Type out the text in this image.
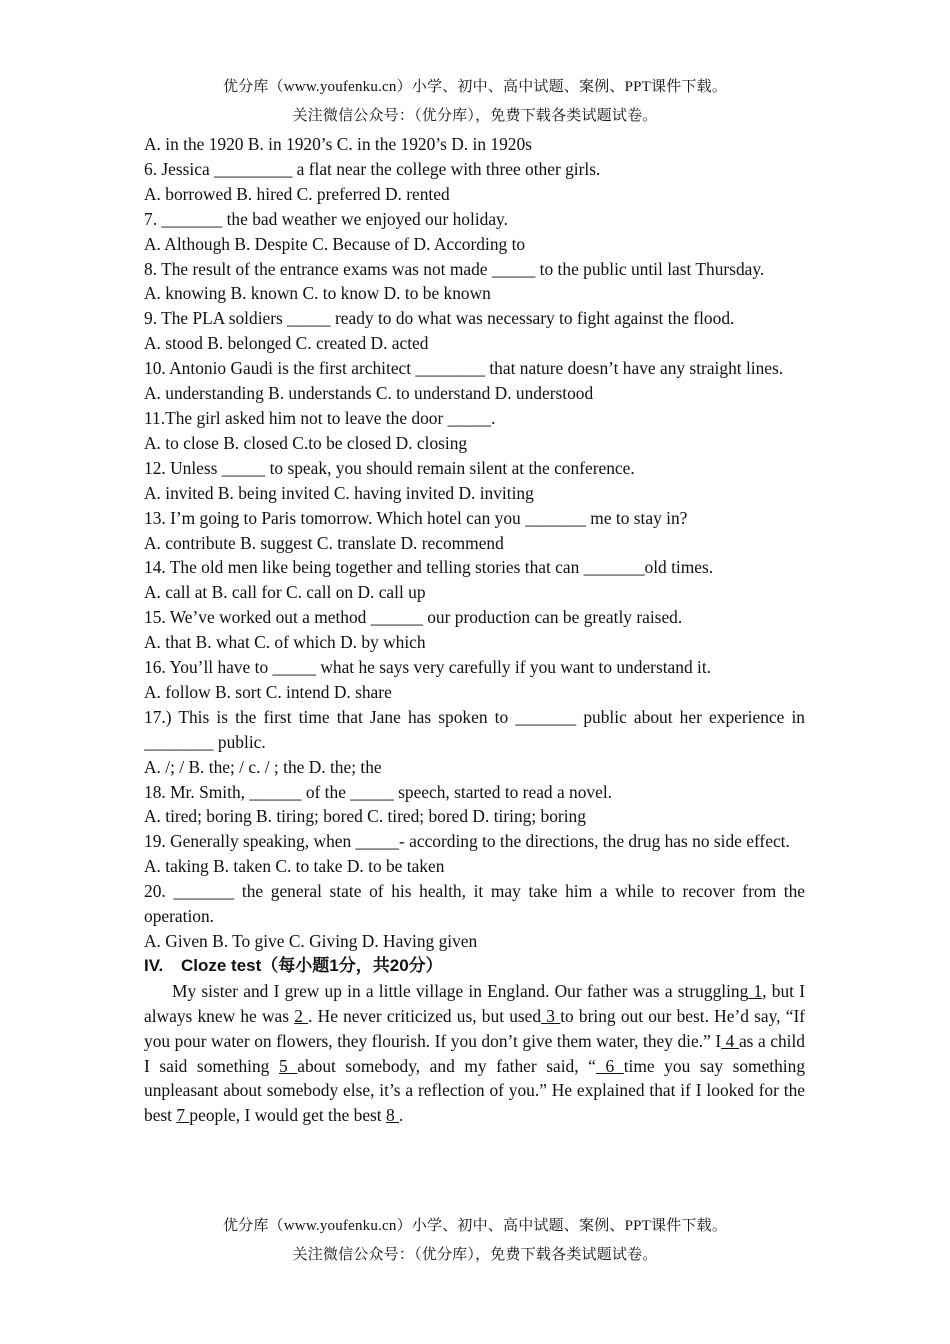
优分库（www.youfenku.cn）小学、初中、高中试题、案例、PPT课件下载。
关注微信公众号：（优分库），免费下载各类试题试卷。
A. in the 1920 B. in 1920’s C. in the 1920’s D. in 1920s
6. Jessica _________ a flat near the college with three other girls.
A. borrowed B. hired C. preferred D. rented
7. _______ the bad weather we enjoyed our holiday.
A. Although B. Despite C. Because of D. According to
8. The result of the entrance exams was not made _____ to the public until last Thursday.
A. knowing B. known C. to know D. to be known
9. The PLA soldiers _____ ready to do what was necessary to fight against the flood.
A. stood B. belonged C. created D. acted
10. Antonio Gaudi is the first architect ________ that nature doesn’t have any straight lines.
A. understanding B. understands C. to understand D. understood
11.The girl asked him not to leave the door _____.
A. to close B. closed C.to be closed D. closing
12. Unless _____ to speak, you should remain silent at the conference.
A. invited B. being invited C. having invited D. inviting
13. I’m going to Paris tomorrow. Which hotel can you _______ me to stay in?
A. contribute B. suggest C. translate D. recommend
14. The old men like being together and telling stories that can _______old times.
A. call at B. call for C. call on D. call up
15. We’ve worked out a method ______ our production can be greatly raised.
A. that B. what C. of which D. by which
16. You’ll have to _____ what he says very carefully if you want to understand it.
A. follow B. sort C. intend D. share
17.) This is the first time that Jane has spoken to _______ public about her experience in ________ public.
A. /; / B. the; / c. / ; the D. the; the
18. Mr. Smith, ______ of the _____ speech, started to read a novel.
A. tired; boring B. tiring; bored C. tired; bored D. tiring; boring
19. Generally speaking, when _____- according to the directions, the drug has no side effect.
A. taking B. taken C. to take D. to be taken
20. _______ the general state of his health, it may take him a while to recover from the operation.
A. Given B. To give C. Giving D. Having given
IV. Cloze test（每小题1分，共20分）
My sister and I grew up in a little village in England. Our father was a struggling 1, but I always knew he was 2 . He never criticized us, but used 3 to bring out our best. He’d say, “If you pour water on flowers, they flourish. If you don’t give them water, they die.” I 4 as a child I said something 5 about somebody, and my father said, “ 6 time you say something unpleasant about somebody else, it’s a reflection of you.” He explained that if I looked for the best 7 people, I would get the best 8 .
优分库（www.youfenku.cn）小学、初中、高中试题、案例、PPT课件下载。
关注微信公众号：（优分库），免费下载各类试题试卷。
